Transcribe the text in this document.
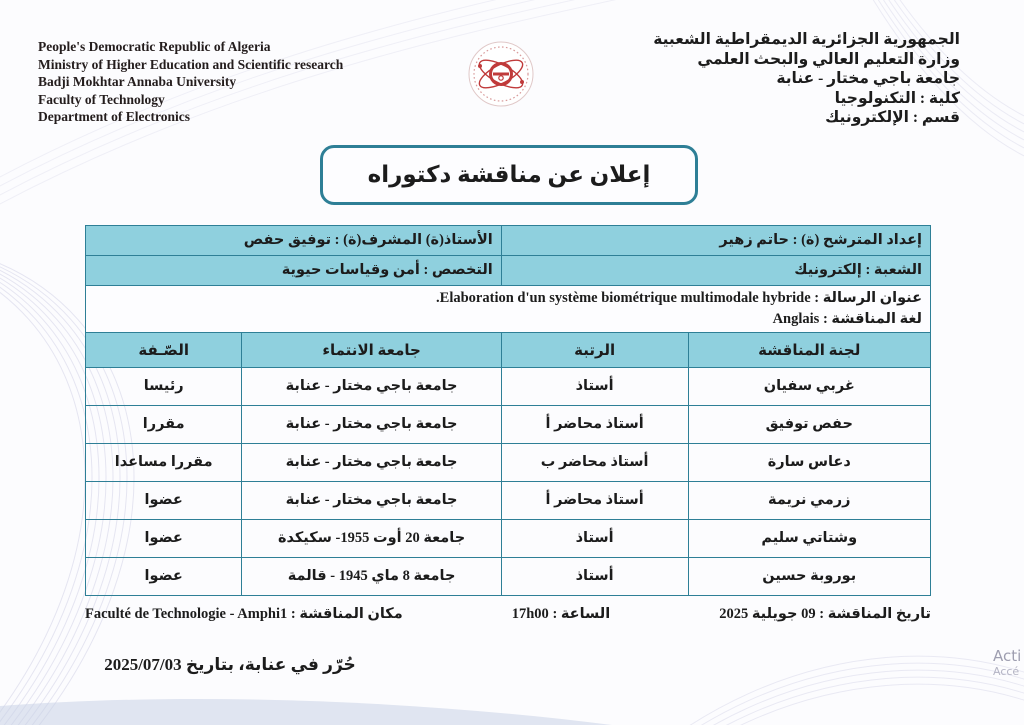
People's Democratic Republic of Algeria
Ministry of Higher Education and Scientific research
Badji Mokhtar Annaba University
Faculty of Technology
Department of Electronics
الجمهورية الجزائرية الديمقراطية الشعبية
وزارة التعليم العالي والبحث العلمي
جامعة باجي مختار - عنابة
كلية : التكنولوجيا
قسم : الإلكترونيك
إعلان عن مناقشة دكتوراه
إعداد المترشح (ة) : حاتم زهير		الأستاذ(ة) المشرف(ة) : توفيق حفص	
الشعبة : إلكترونيك		التخصص : أمن وقياسات حيوية	

عنوان الرسالة : Elaboration d'un système biométrique multimodale hybride.
لغة المناقشة : Anglais			

لجنة المناقشة	الرتبة	جامعة الانتماء	الصّـفة
غربي سفيان	أستاذ	جامعة باجي مختار - عنابة	رئيسا
حفص توفيق	أستاذ محاضر أ	جامعة باجي مختار - عنابة	مقررا
دعاس سارة	أستاذ محاضر ب	جامعة باجي مختار - عنابة	مقررا مساعدا
زرمي نريمة	أستاذ محاضر أ	جامعة باجي مختار - عنابة	عضوا
وشتاتي سليم	أستاذ	جامعة 20 أوت 1955- سكيكدة	عضوا
بوروبة حسين	أستاذ	جامعة 8 ماي 1945 - قالمة	عضوا
تاريخ المناقشة : 09 جويلية 2025
الساعة : 17h00
مكان المناقشة : Faculté de Technologie - Amphi1
حُرّر في عنابة، بتاريخ 2025/07/03	Acti
Accé
